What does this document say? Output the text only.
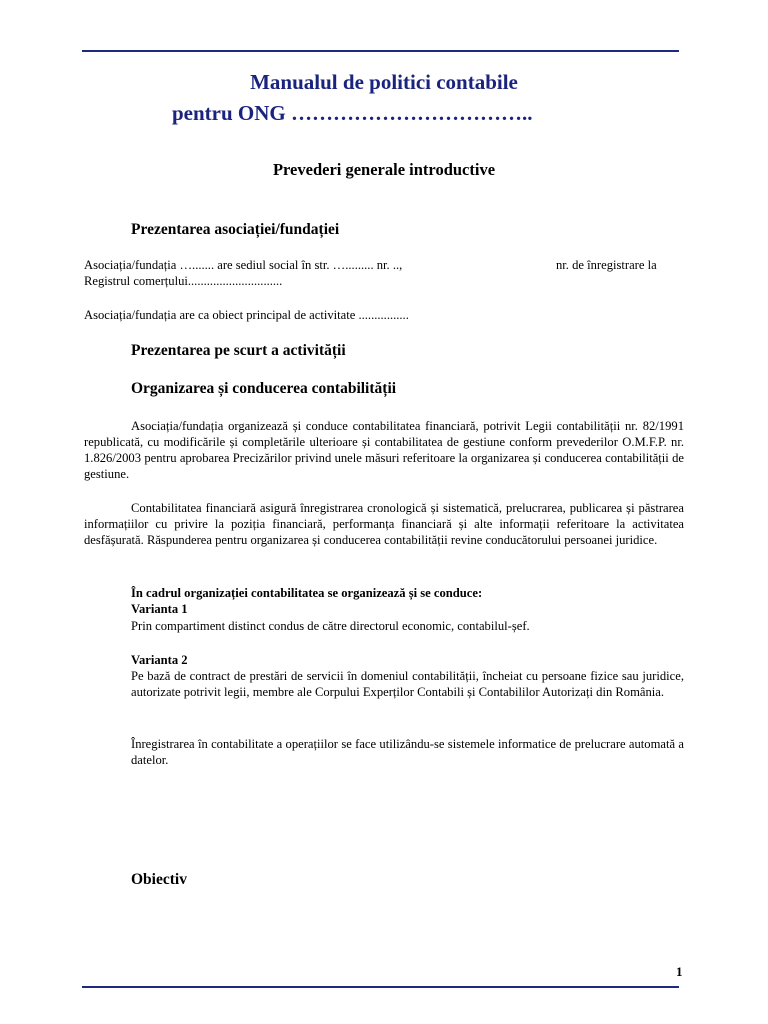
Manualul de politici contabile
pentru ONG ……………………………..
Prevederi generale introductive
Prezentarea asociației/fundației
Asociația/fundația …....... are sediul social în str. …......... nr. ..,	nr. de înregistrare la
Registrul comerțului..............................
Asociația/fundația are ca obiect principal de activitate ................
Prezentarea pe scurt a activității
Organizarea și conducerea contabilității
Asociația/fundația organizează și conduce contabilitatea financiară, potrivit Legii contabilității nr. 82/1991 republicată, cu modificările și completările ulterioare și contabilitatea de gestiune conform prevederilor O.M.F.P. nr. 1.826/2003 pentru aprobarea Precizărilor privind unele măsuri referitoare la organizarea și conducerea contabilității de gestiune.
Contabilitatea financiară asigură înregistrarea cronologică și sistematică, prelucrarea, publicarea și păstrarea informațiilor cu privire la poziția financiară, performanța financiară și alte informații referitoare la activitatea desfășurată. Răspunderea pentru organizarea și conducerea contabilității revine conducătorului persoanei juridice.
În cadrul organizației contabilitatea se organizează și se conduce:
Varianta 1
Prin compartiment distinct condus de către directorul economic, contabilul-șef.
Varianta 2
Pe bază de contract de prestări de servicii în domeniul contabilității, încheiat cu persoane fizice sau juridice, autorizate potrivit legii, membre ale Corpului Experților Contabili și Contabililor Autorizați din România.
Înregistrarea în contabilitate a operațiilor se face utilizându-se sistemele informatice de prelucrare automată a datelor.
Obiectiv
1
